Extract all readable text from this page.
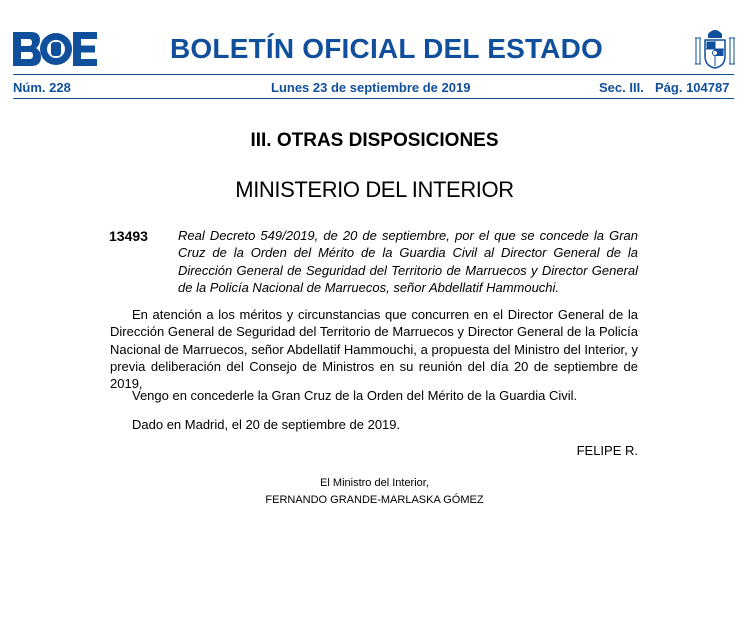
BOLETÍN OFICIAL DEL ESTADO
Núm. 228	Lunes 23 de septiembre de 2019	Sec. III. Pág. 104787
III. OTRAS DISPOSICIONES
MINISTERIO DEL INTERIOR
13493 Real Decreto 549/2019, de 20 de septiembre, por el que se concede la Gran Cruz de la Orden del Mérito de la Guardia Civil al Director General de la Dirección General de Seguridad del Territorio de Marruecos y Director General de la Policía Nacional de Marruecos, señor Abdellatif Hammouchi.

En atención a los méritos y circunstancias que concurren en el Director General de la Dirección General de Seguridad del Territorio de Marruecos y Director General de la Policía Nacional de Marruecos, señor Abdellatif Hammouchi, a propuesta del Ministro del Interior, y previa deliberación del Consejo de Ministros en su reunión del día 20 de septiembre de 2019,

Vengo en concederle la Gran Cruz de la Orden del Mérito de la Guardia Civil.

Dado en Madrid, el 20 de septiembre de 2019.

FELIPE R.
El Ministro del Interior,
FERNANDO GRANDE-MARLASKA GÓMEZ
